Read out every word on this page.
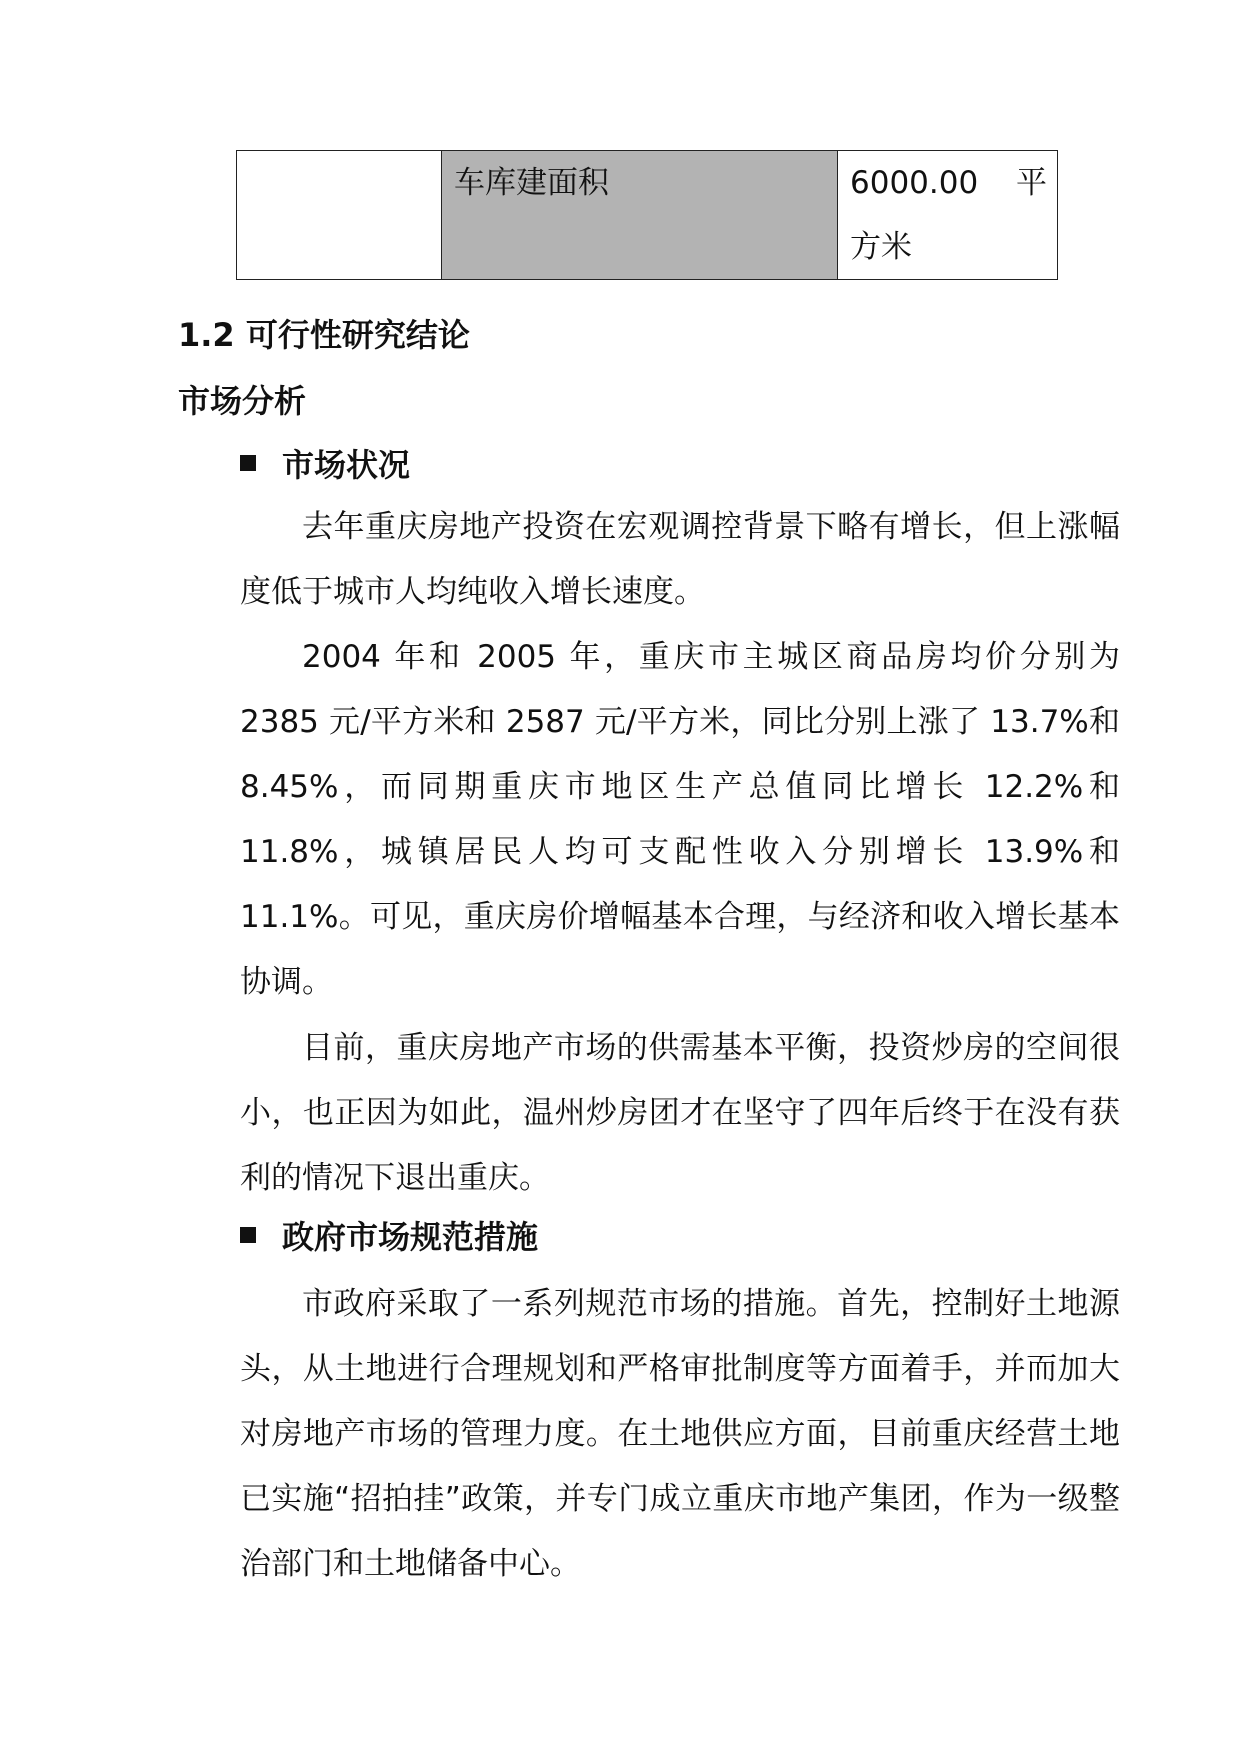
	车库建面积	6000.00 平
方米
1.2 可行性研究结论
市场分析
市场状况

去年重庆房地产投资在宏观调控背景下略有增长，但上涨幅度低于城市人均纯收入增长速度。

2004 年和 2005 年，重庆市主城区商品房均价分别为 2385 元/平方米和 2587 元/平方米，同比分别上涨了 13.7%和 8.45%，而同期重庆市地区生产总值同比增长 12.2%和 11.8%，城镇居民人均可支配性收入分别增长 13.9%和 11.1%。可见，重庆房价增幅基本合理，与经济和收入增长基本协调。

目前，重庆房地产市场的供需基本平衡，投资炒房的空间很小，也正因为如此，温州炒房团才在坚守了四年后终于在没有获利的情况下退出重庆。

政府市场规范措施

市政府采取了一系列规范市场的措施。首先，控制好土地源头，从土地进行合理规划和严格审批制度等方面着手，并而加大对房地产市场的管理力度。在土地供应方面，目前重庆经营土地已实施“招拍挂”政策，并专门成立重庆市地产集团，作为一级整治部门和土地储备中心。
